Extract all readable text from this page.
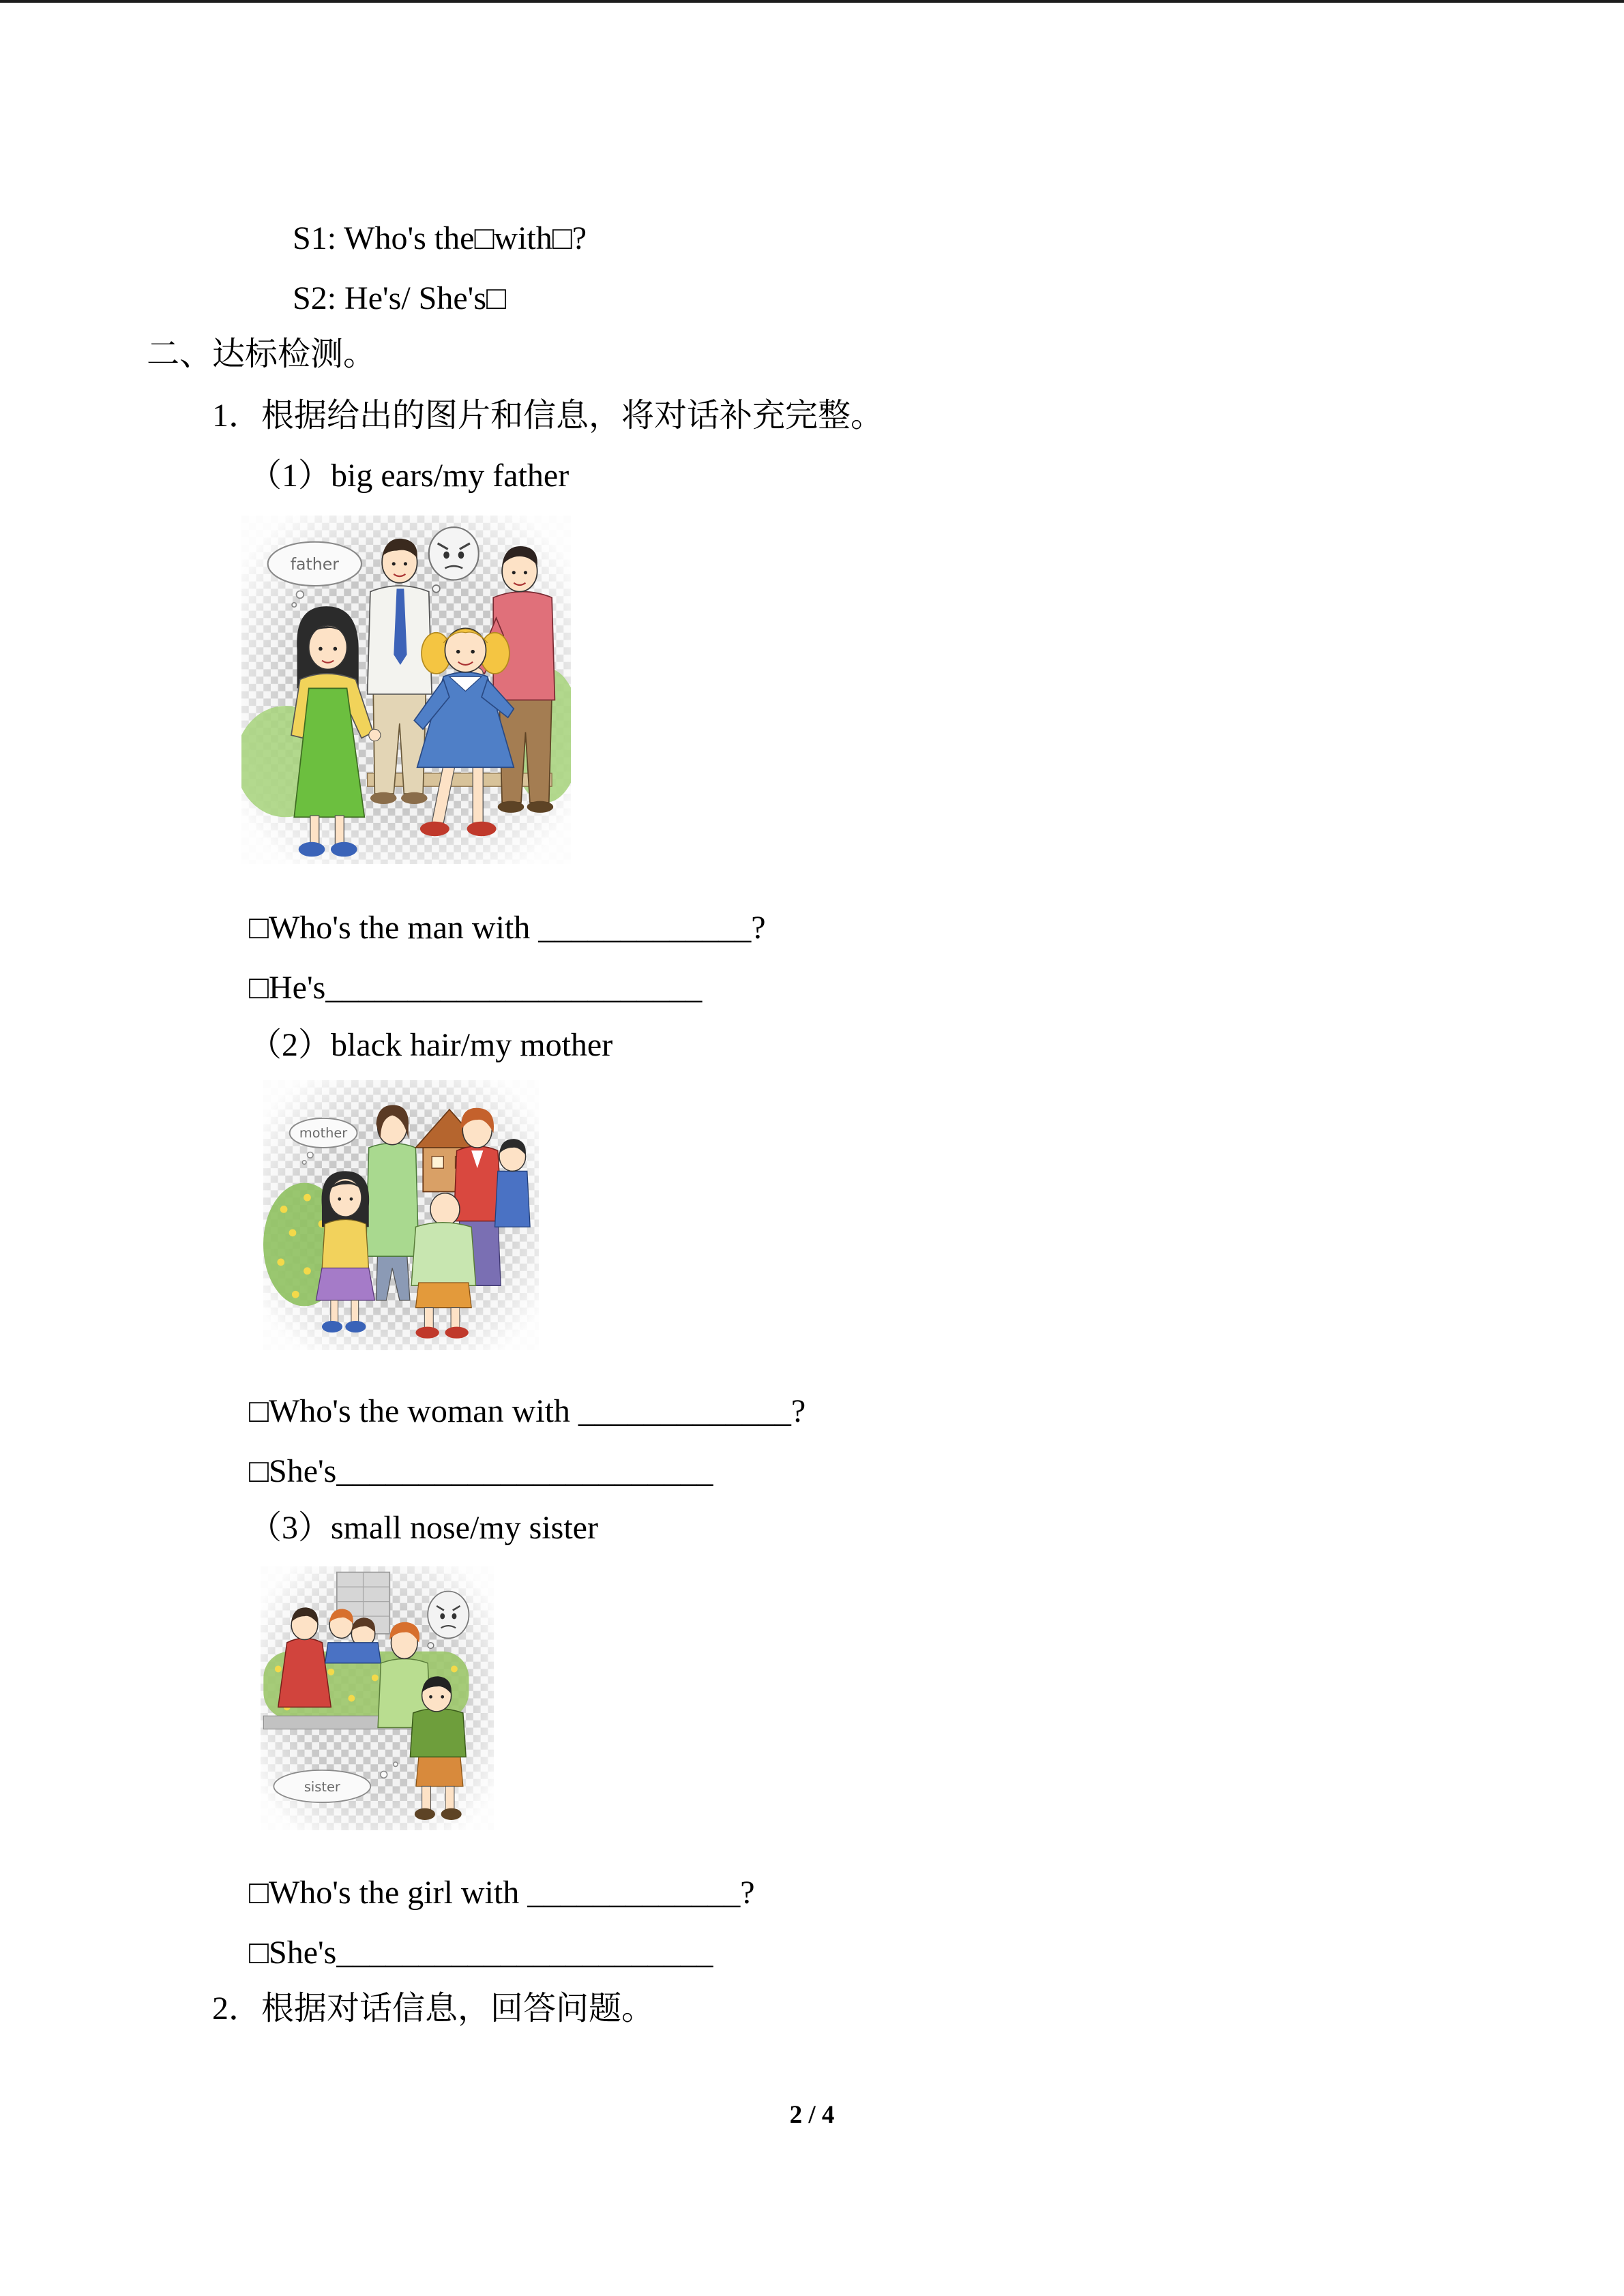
S1: Who's the□with□?
S2: He's/ She's□
二、达标检测。
1．根据给出的图片和信息，将对话补充完整。
（1）big ears/my father
father
□Who's the man with _____________?
□He's_______________________
（2）black hair/my mother
mother
□Who's the woman with _____________?
□She's_______________________
（3）small nose/my sister
sister
□Who's the girl with _____________?
□She's_______________________
2．根据对话信息，回答问题。
2 / 4
